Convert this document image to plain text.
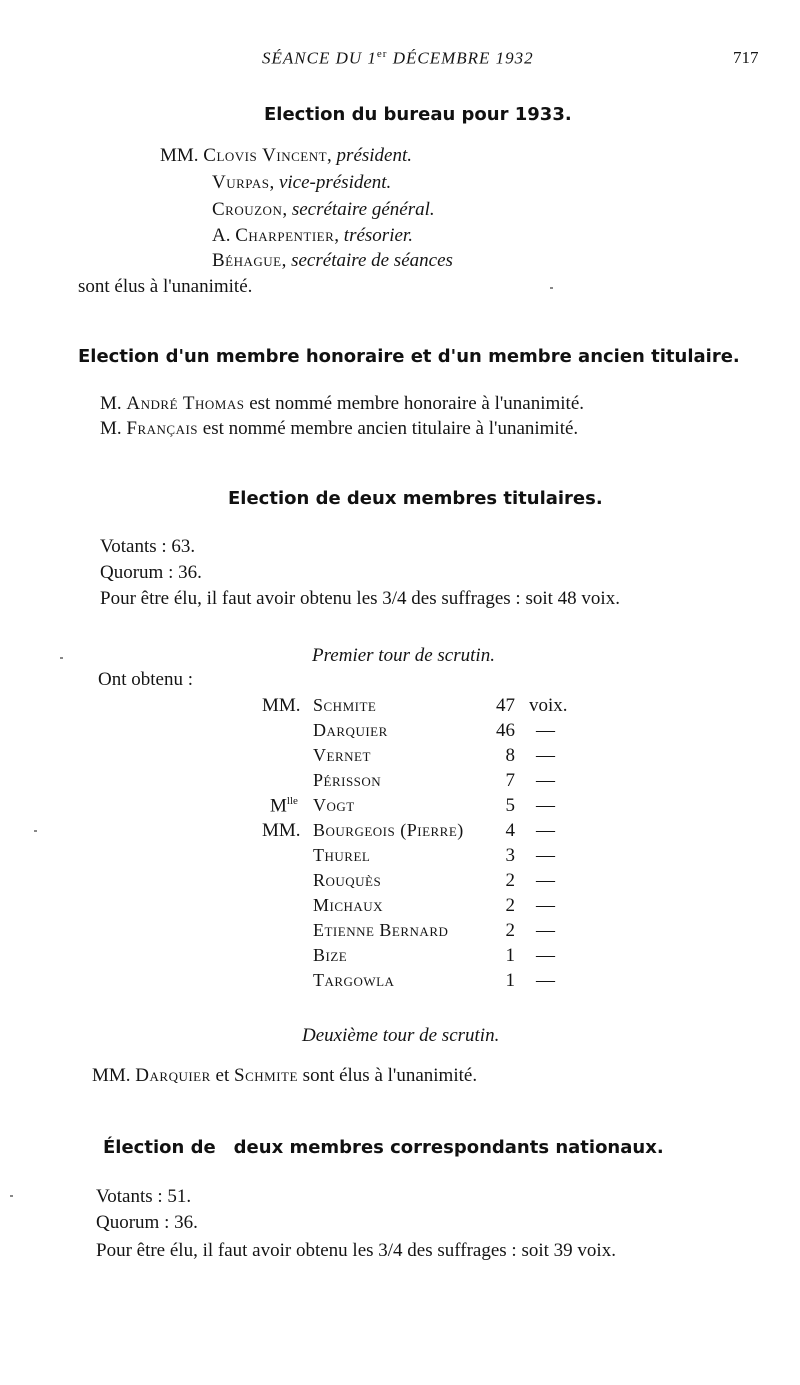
SÉANCE DU 1er DÉCEMBRE 1932	717
Election du bureau pour 1933.
MM. Clovis Vincent, président.
Vurpas, vice-président.
Crouzon, secrétaire général.
A. Charpentier, trésorier.
Béhague, secrétaire de séances
sont élus à l'unanimité.
Election d'un membre honoraire et d'un membre ancien titulaire.
M. André Thomas est nommé membre honoraire à l'unanimité.
M. Français est nommé membre ancien titulaire à l'unanimité.
Election de deux membres titulaires.
Votants : 63.
Quorum : 36.
Pour être élu, il faut avoir obtenu les 3/4 des suffrages : soit 48 voix.
Premier tour de scrutin.
Ont obtenu :
MM. Schmite	47 voix.
Darquier	46 —
Vernet	8 —
Périsson	7 —
$M^{lle}$ Vogt	5 —
MM. Bourgeois (Pierre)	4 —
Thurel	3 —
Rouquès	2 —
Michaux	2 —
Etienne Bernard	2 —
Bize	1 —
Targowla	1 —
Deuxième tour de scrutin.
MM. Darquier et Schmite sont élus à l'unanimité.
Élection de deux membres correspondants nationaux.
Votants : 51.
Quorum : 36.
Pour être élu, il faut avoir obtenu les 3/4 des suffrages : soit 39 voix.
